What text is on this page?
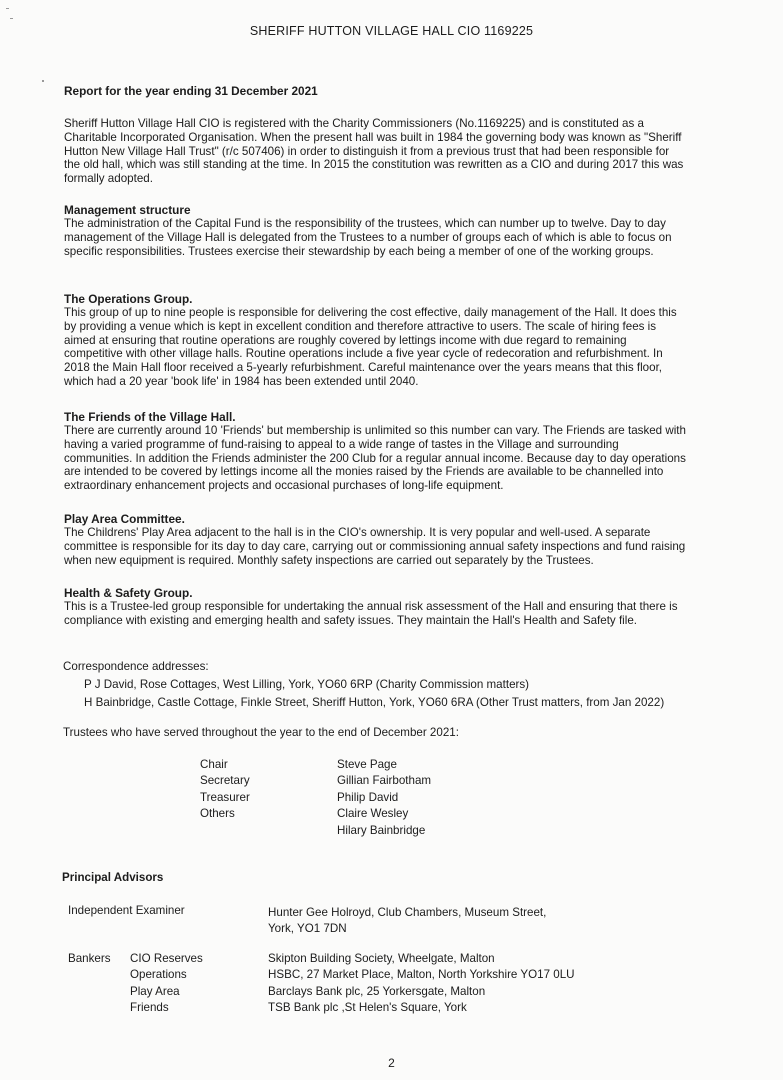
SHERIFF HUTTON VILLAGE HALL CIO 1169225

Report for the year ending 31 December 2021

Sheriff Hutton Village Hall CIO is registered with the Charity Commissioners (No.1169225) and is constituted as a Charitable Incorporated Organisation. When the present hall was built in 1984 the governing body was known as "Sheriff Hutton New Village Hall Trust" (r/c 507406) in order to distinguish it from a previous trust that had been responsible for the old hall, which was still standing at the time. In 2015 the constitution was rewritten as a CIO and during 2017 this was formally adopted.

Management structure

The administration of the Capital Fund is the responsibility of the trustees, which can number up to twelve. Day to day management of the Village Hall is delegated from the Trustees to a number of groups each of which is able to focus on specific responsibilities. Trustees exercise their stewardship by each being a member of one of the working groups.

The Operations Group.

This group of up to nine people is responsible for delivering the cost effective, daily management of the Hall. It does this by providing a venue which is kept in excellent condition and therefore attractive to users. The scale of hiring fees is aimed at ensuring that routine operations are roughly covered by lettings income with due regard to remaining competitive with other village halls. Routine operations include a five year cycle of redecoration and refurbishment. In 2018 the Main Hall floor received a 5-yearly refurbishment. Careful maintenance over the years means that this floor, which had a 20 year 'book life' in 1984 has been extended until 2040.

The Friends of the Village Hall.

There are currently around 10 'Friends' but membership is unlimited so this number can vary. The Friends are tasked with having a varied programme of fund-raising to appeal to a wide range of tastes in the Village and surrounding communities. In addition the Friends administer the 200 Club for a regular annual income. Because day to day operations are intended to be covered by lettings income all the monies raised by the Friends are available to be channelled into extraordinary enhancement projects and occasional purchases of long-life equipment.

Play Area Committee.

The Childrens' Play Area adjacent to the hall is in the CIO's ownership. It is very popular and well-used. A separate committee is responsible for its day to day care, carrying out or commissioning annual safety inspections and fund raising when new equipment is required. Monthly safety inspections are carried out separately by the Trustees.

Health & Safety Group.

This is a Trustee-led group responsible for undertaking the annual risk assessment of the Hall and ensuring that there is compliance with existing and emerging health and safety issues. They maintain the Hall's Health and Safety file.

Correspondence addresses:
P J David, Rose Cottages, West Lilling, York, YO60 6RP (Charity Commission matters)
H Bainbridge, Castle Cottage, Finkle Street, Sheriff Hutton, York, YO60 6RA (Other Trust matters, from Jan 2022)
Trustees who have served throughout the year to the end of December 2021:
Chair
Secretary
Treasurer
Others
Steve Page
Gillian Fairbotham
Philip David
Claire Wesley
Hilary Bainbridge
Principal Advisors
Independent Examiner	Hunter Gee Holroyd, Club Chambers, Museum Street,
York, YO1 7DN
Bankers CIO Reserves
Operations
Play Area
Friends
Skipton Building Society, Wheelgate, Malton
HSBC, 27 Market Place, Malton, North Yorkshire YO17 0LU
Barclays Bank plc, 25 Yorkersgate, Malton
TSB Bank plc ,St Helen's Square, York
2
